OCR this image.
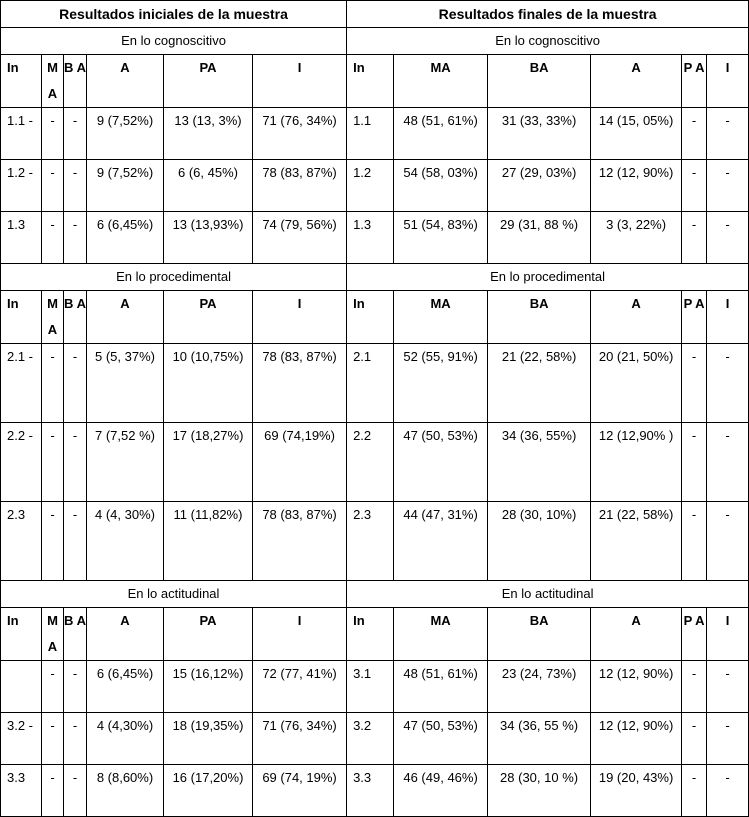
Resultados iniciales de la muestra						Resultados finales de la muestra					
En lo cognoscitivo						En lo cognoscitivo					
In	M A	B A	A	PA	I	In	MA	BA	A	P A	I
1.1 -	-	-	9 (7,52%)	13 (13, 3%)	71 (76, 34%)	1.1	48 (51, 61%)	31 (33, 33%)	14 (15, 05%)	-	-
1.2 -	-	-	9 (7,52%)	6 (6, 45%)	78 (83, 87%)	1.2	54 (58, 03%)	27 (29, 03%)	12 (12, 90%)	-	-
1.3	-	-	6 (6,45%)	13 (13,93%)	74 (79, 56%)	1.3	51 (54, 83%)	29 (31, 88 %)	3 (3, 22%)	-	-
En lo procedimental						En lo procedimental					
In	M A	B A	A	PA	I	In	MA	BA	A	P A	I
2.1 -	-	-	5 (5, 37%)	10 (10,75%)	78 (83, 87%)	2.1	52 (55, 91%)	21 (22, 58%)	20 (21, 50%)	-	-
2.2 -	-	-	7 (7,52 %)	17 (18,27%)	69 (74,19%)	2.2	47 (50, 53%)	34 (36, 55%)	12 (12,90% )	-	-
2.3	-	-	4 (4, 30%)	11 (11,82%)	78 (83, 87%)	2.3	44 (47, 31%)	28 (30, 10%)	21 (22, 58%)	-	-
En lo actitudinal						En lo actitudinal					
In	M A	B A	A	PA	I	In	MA	BA	A	P A	I
	-	-	6 (6,45%)	15 (16,12%)	72 (77, 41%)	3.1	48 (51, 61%)	23 (24, 73%)	12 (12, 90%)	-	-
3.2 -	-	-	4 (4,30%)	18 (19,35%)	71 (76, 34%)	3.2	47 (50, 53%)	34 (36, 55 %)	12 (12, 90%)	-	-
3.3	-	-	8 (8,60%)	16 (17,20%)	69 (74, 19%)	3.3	46 (49, 46%)	28 (30, 10 %)	19 (20, 43%)	-	-
